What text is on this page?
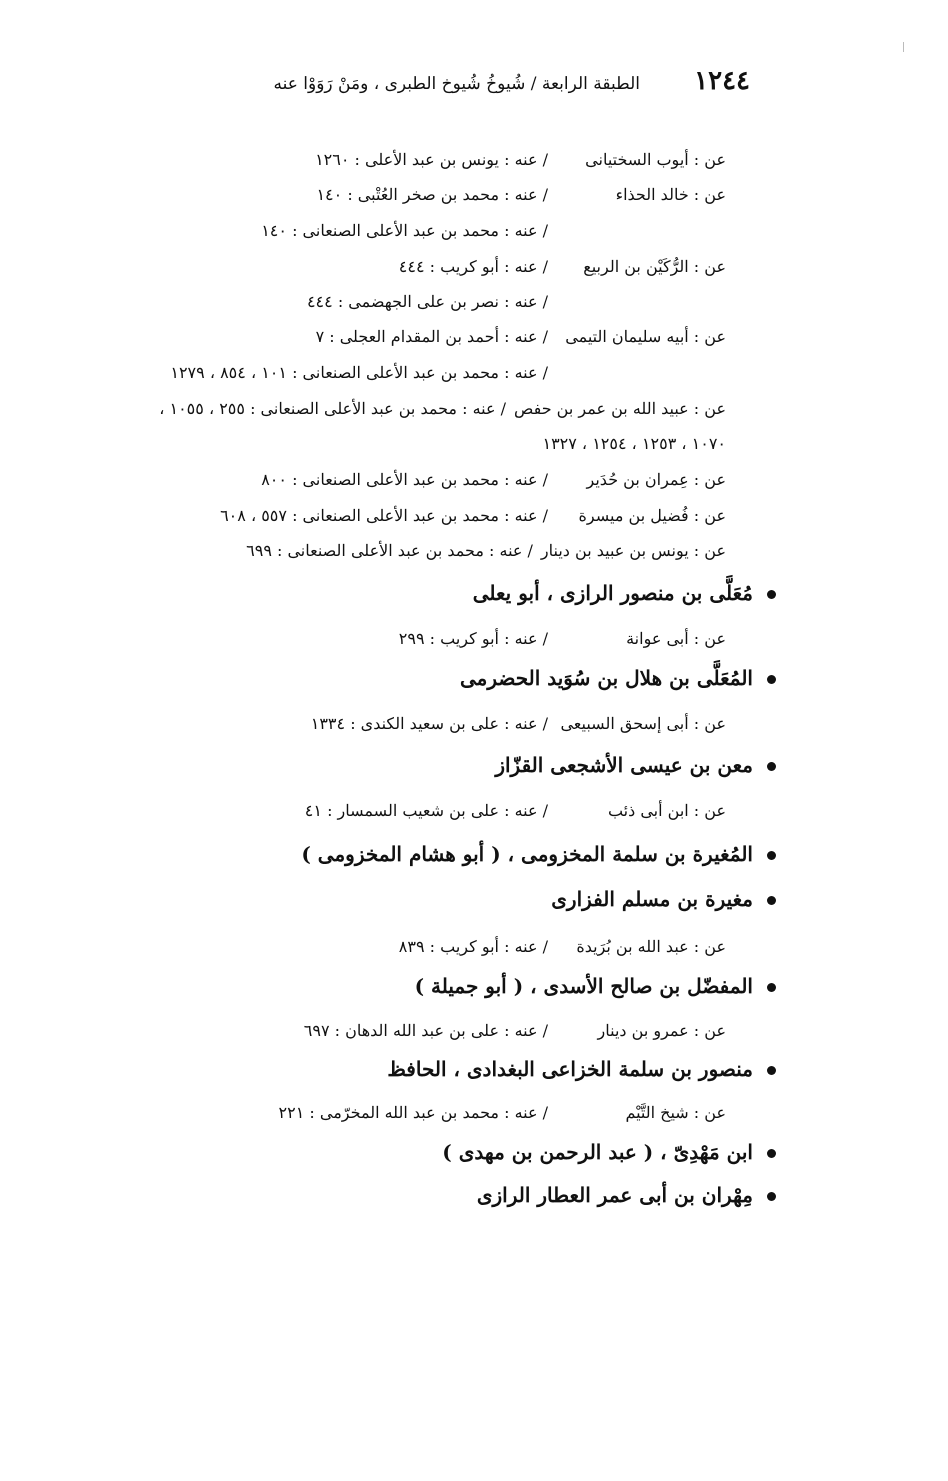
١٢٤٤
الطبقة الرابعة / شُيوخُ شُيوخ الطبرى ، ومَنْ رَوَوْا عنه
عن : أيوب السختيانى/ عنه : يونس بن عبد الأعلى : ١٢٦٠
عن : خالد الحذاء/ عنه : محمد بن صخر العُتْبى : ١٤٠
/ عنه : محمد بن عبد الأعلى الصنعانى : ١٤٠
عن : الرُّكَيْن بن الربيع/ عنه : أبو كريب : ٤٤٤
/ عنه : نصر بن على الجهضمى : ٤٤٤
عن : أبيه سليمان التيمى/ عنه : أحمد بن المقدام العجلى : ٧
/ عنه : محمد بن عبد الأعلى الصنعانى : ١٠١ ، ٨٥٤ ، ١٢٧٩
عن : عبيد الله بن عمر بن حفص/ عنه : محمد بن عبد الأعلى الصنعانى : ٢٥٥ ، ١٠٥٥ ،
١٠٧٠ ، ١٢٥٣ ، ١٢٥٤ ، ١٣٢٧
عن : عِمران بن حُدَير/ عنه : محمد بن عبد الأعلى الصنعانى : ٨٠٠
عن : فُضيل بن ميسرة/ عنه : محمد بن عبد الأعلى الصنعانى : ٥٥٧ ، ٦٠٨
عن : يونس بن عبيد بن دينار/ عنه : محمد بن عبد الأعلى الصنعانى : ٦٩٩
مُعَلَّى بن منصور الرازى ، أبو يعلى
عن : أبى عوانة/ عنه : أبو كريب : ٢٩٩
المُعَلَّى بن هلال بن سُوَيد الحضرمى
عن : أبى إسحق السبيعى/ عنه : على بن سعيد الكندى : ١٣٣٤
معن بن عيسى الأشجعى القزّاز
عن : ابن أبى ذئب/ عنه : على بن شعيب السمسار : ٤١
المُغيرة بن سلمة المخزومى ، ( أبو هشام المخزومى )
مغيرة بن مسلم الفزارى
عن : عبد الله بن بُرَيدة/ عنه : أبو كريب : ٨٣٩
المفضّل بن صالح الأسدى ، ( أبو جميلة )
عن : عمرو بن دينار/ عنه : على بن عبد الله الدهان : ٦٩٧
منصور بن سلمة الخزاعى البغدادى ، الحافظ
عن : شيخ التَّيْم/ عنه : محمد بن عبد الله المخرّمى : ٢٢١
ابن مَهْدِىّ ، ( عبد الرحمن بن مهدى )
مِهْران بن أبى عمر العطار الرازى
